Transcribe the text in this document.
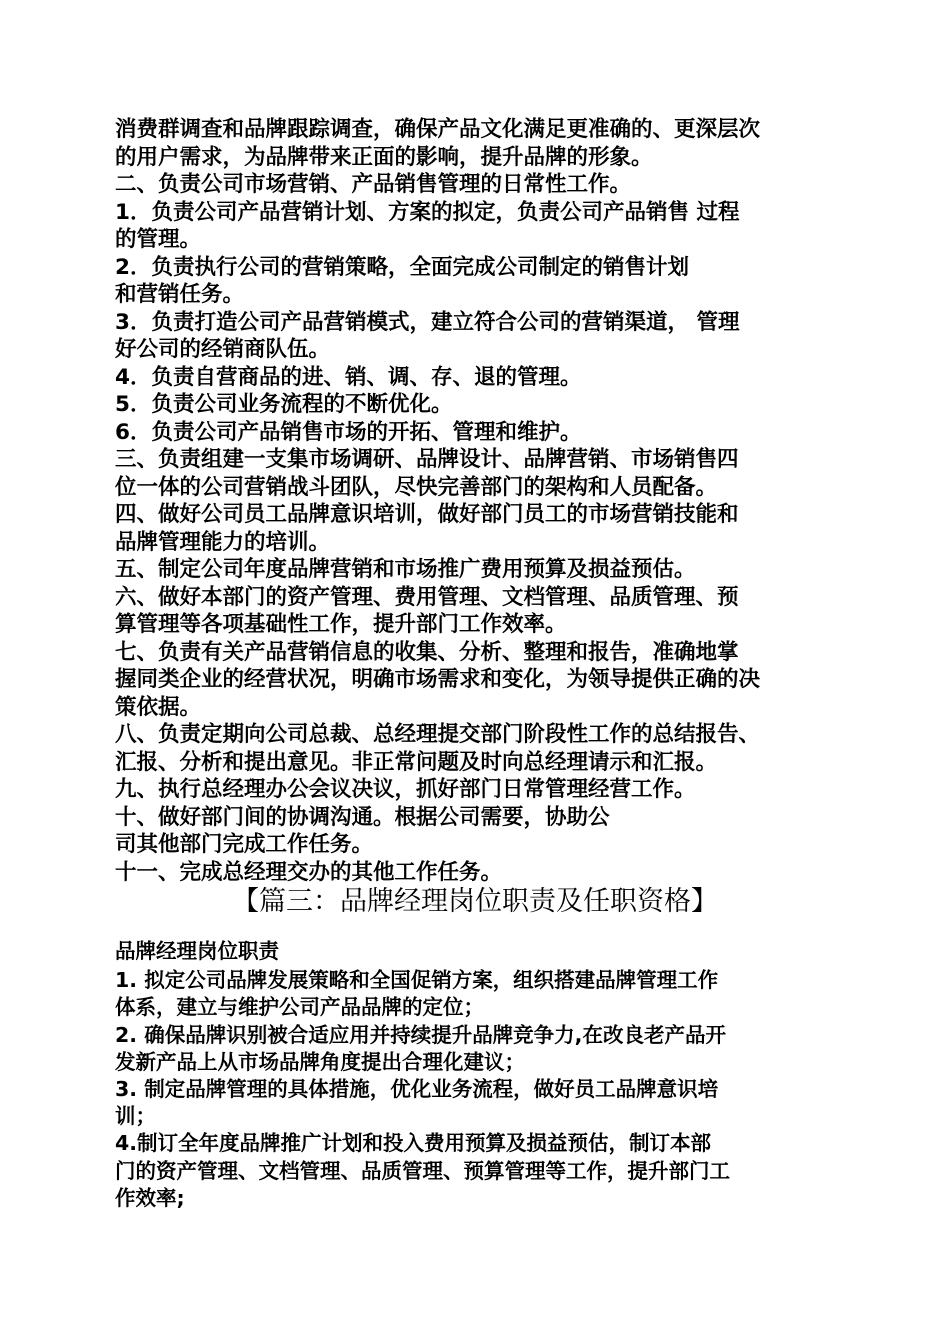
消费群调查和品牌跟踪调查，确保产品文化满足更准确的、更深层次
的用户需求，为品牌带来正面的影响，提升品牌的形象。
二、负责公司市场营销、产品销售管理的日常性工作。
1．负责公司产品营销计划、方案的拟定，负责公司产品销售 过程
的管理。
2．负责执行公司的营销策略，全面完成公司制定的销售计划
和营销任务。
3．负责打造公司产品营销模式，建立符合公司的营销渠道， 管理
好公司的经销商队伍。
4．负责自营商品的进、销、调、存、退的管理。
5．负责公司业务流程的不断优化。
6．负责公司产品销售市场的开拓、管理和维护。
三、负责组建一支集市场调研、品牌设计、品牌营销、市场销售四
位一体的公司营销战斗团队，尽快完善部门的架构和人员配备。
四、做好公司员工品牌意识培训，做好部门员工的市场营销技能和
品牌管理能力的培训。
五、制定公司年度品牌营销和市场推广费用预算及损益预估。
六、做好本部门的资产管理、费用管理、文档管理、品质管理、预
算管理等各项基础性工作，提升部门工作效率。
七、负责有关产品营销信息的收集、分析、整理和报告，准确地掌
握同类企业的经营状况，明确市场需求和变化，为领导提供正确的决
策依据。
八、负责定期向公司总裁、总经理提交部门阶段性工作的总结报告、
汇报、分析和提出意见。非正常问题及时向总经理请示和汇报。
九、执行总经理办公会议决议，抓好部门日常管理经营工作。
十、做好部门间的协调沟通。根据公司需要，协助公
司其他部门完成工作任务。
十一、完成总经理交办的其他工作任务。
【篇三：品牌经理岗位职责及任职资格】
品牌经理岗位职责
1. 拟定公司品牌发展策略和全国促销方案，组织搭建品牌管理工作
体系，建立与维护公司产品品牌的定位；
2. 确保品牌识别被合适应用并持续提升品牌竞争力,在改良老产品开
发新产品上从市场品牌角度提出合理化建议；
3. 制定品牌管理的具体措施，优化业务流程，做好员工品牌意识培
训；
4.制订全年度品牌推广计划和投入费用预算及损益预估，制订本部
门的资产管理、文档管理、品质管理、预算管理等工作，提升部门工
作效率;
